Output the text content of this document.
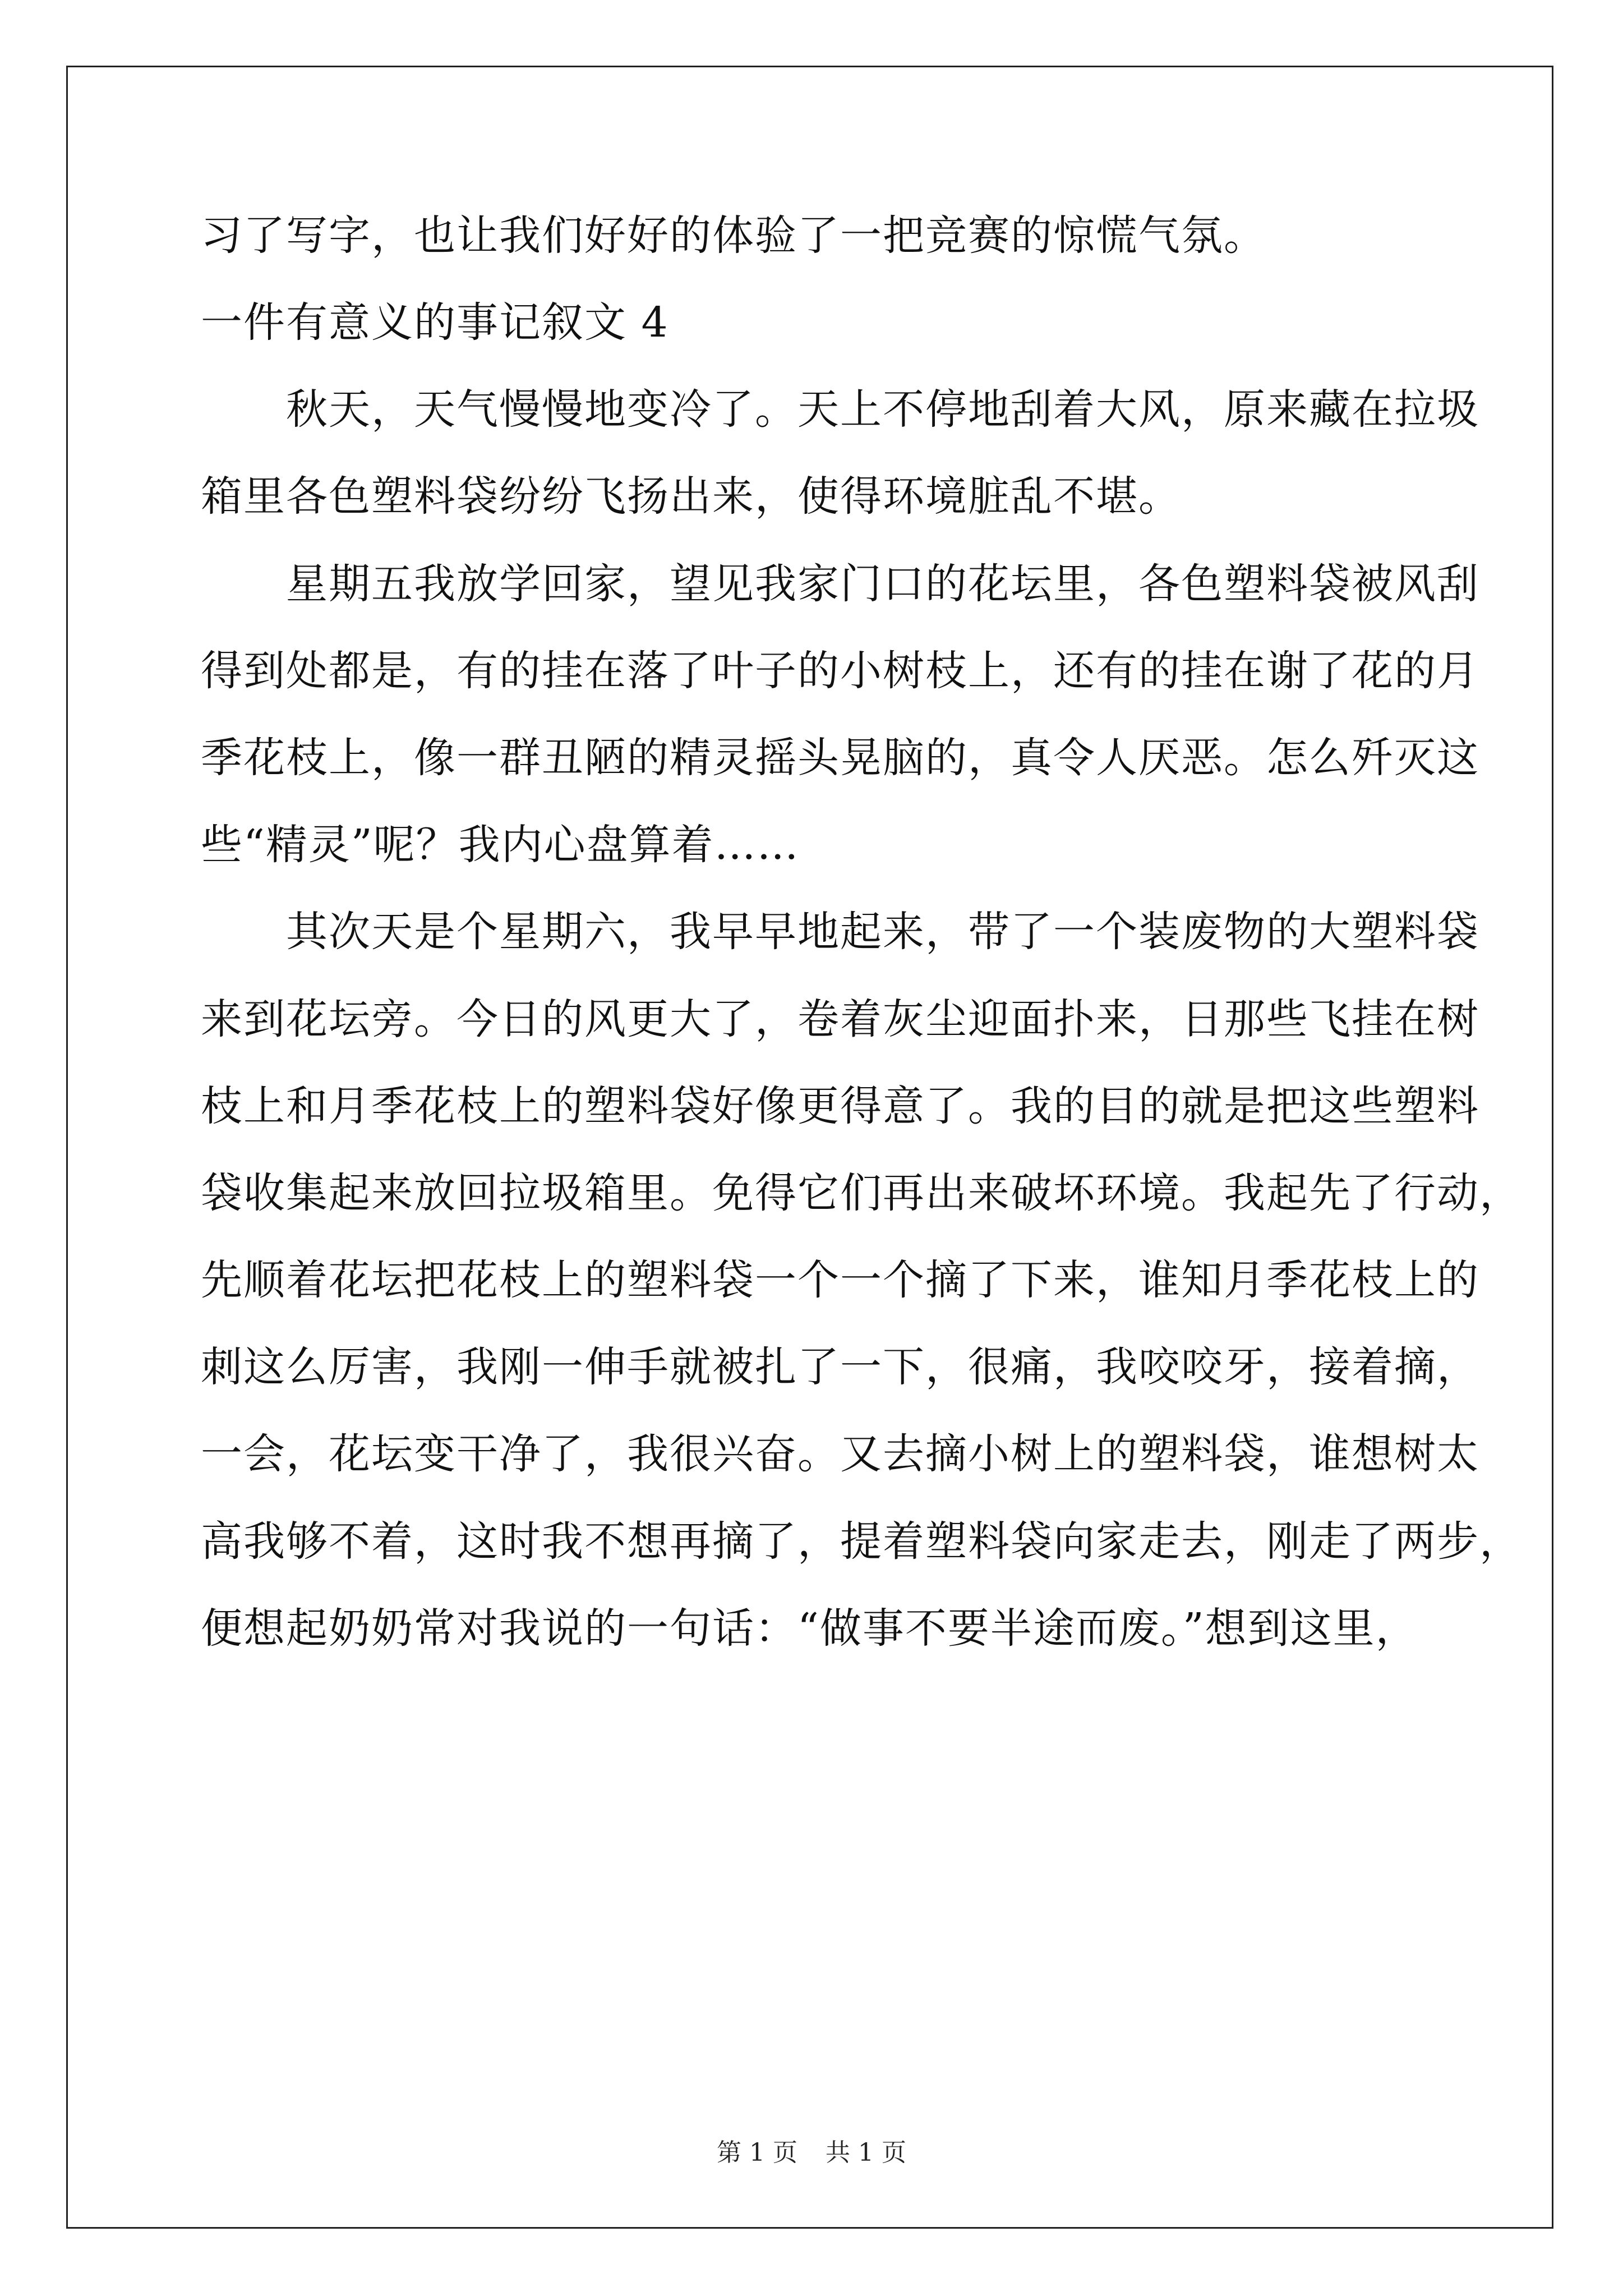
习了写字，也让我们好好的体验了一把竞赛的惊慌气氛。
一件有意义的事记叙文 4
　　秋天，天气慢慢地变冷了。天上不停地刮着大风，原来藏在拉圾
箱里各色塑料袋纷纷飞扬出来，使得环境脏乱不堪。
　　星期五我放学回家，望见我家门口的花坛里，各色塑料袋被风刮
得到处都是，有的挂在落了叶子的小树枝上，还有的挂在谢了花的月
季花枝上，像一群丑陋的精灵摇头晃脑的，真令人厌恶。怎么歼灭这
些“精灵”呢？我内心盘算着……
　　其次天是个星期六，我早早地起来，带了一个装废物的大塑料袋
来到花坛旁。今日的风更大了，卷着灰尘迎面扑来，日那些飞挂在树
枝上和月季花枝上的塑料袋好像更得意了。我的目的就是把这些塑料
袋收集起来放回拉圾箱里。免得它们再出来破坏环境。我起先了行动，
先顺着花坛把花枝上的塑料袋一个一个摘了下来，谁知月季花枝上的
刺这么厉害，我刚一伸手就被扎了一下，很痛，我咬咬牙，接着摘，
一会，花坛变干净了，我很兴奋。又去摘小树上的塑料袋，谁想树太
高我够不着，这时我不想再摘了，提着塑料袋向家走去，刚走了两步，
便想起奶奶常对我说的一句话：“做事不要半途而废。”想到这里，
第 1 页 共 1 页
